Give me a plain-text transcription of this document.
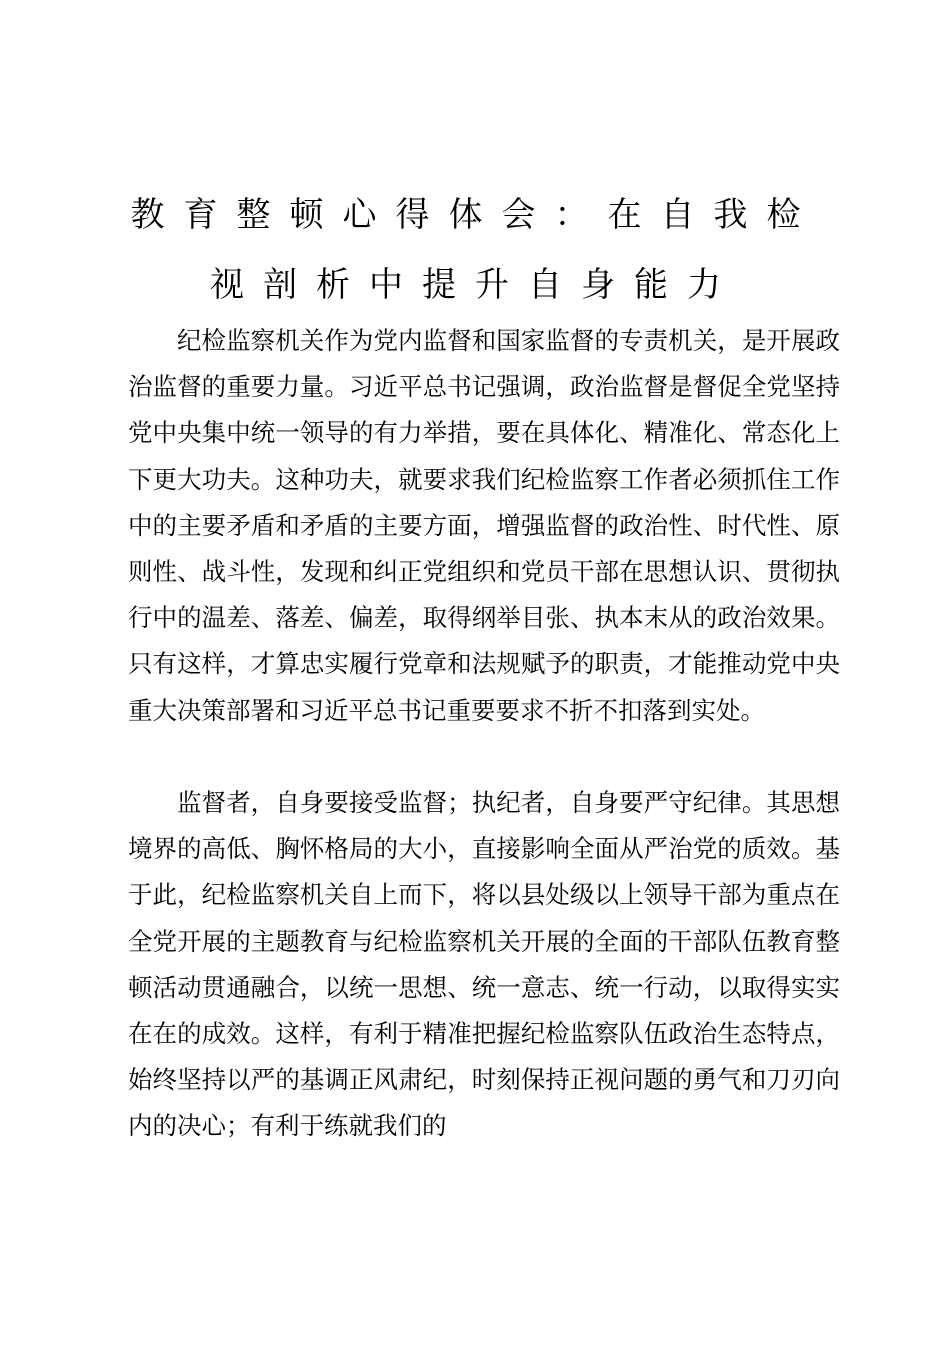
教育整顿心得体会：在自我检
视剖析中提升自身能力

纪检监察机关作为党内监督和国家监督的专责机关，是开展政治监督的重要力量。习近平总书记强调，政治监督是督促全党坚持党中央集中统一领导的有力举措，要在具体化、精准化、常态化上下更大功夫。这种功夫，就要求我们纪检监察工作者必须抓住工作中的主要矛盾和矛盾的主要方面，增强监督的政治性、时代性、原则性、战斗性，发现和纠正党组织和党员干部在思想认识、贯彻执行中的温差、落差、偏差，取得纲举目张、执本末从的政治效果。只有这样，才算忠实履行党章和法规赋予的职责，才能推动党中央重大决策部署和习近平总书记重要要求不折不扣落到实处。

监督者，自身要接受监督；执纪者，自身要严守纪律。其思想境界的高低、胸怀格局的大小，直接影响全面从严治党的质效。基于此，纪检监察机关自上而下，将以县处级以上领导干部为重点在全党开展的主题教育与纪检监察机关开展的全面的干部队伍教育整顿活动贯通融合，以统一思想、统一意志、统一行动，以取得实实在在的成效。这样，有利于精准把握纪检监察队伍政治生态特点，始终坚持以严的基调正风肃纪，时刻保持正视问题的勇气和刀刃向内的决心；有利于练就我们的
